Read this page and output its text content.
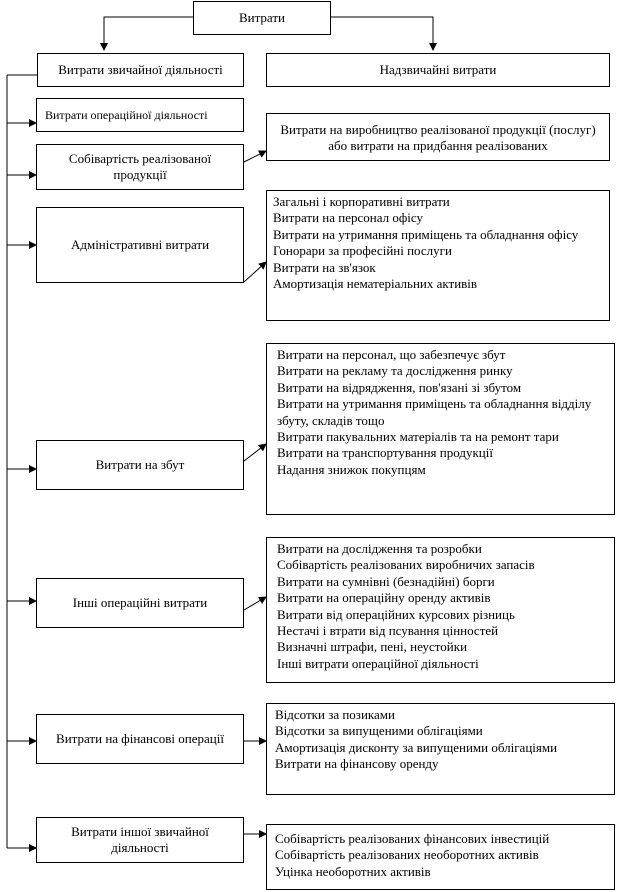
Витрати
Витрати звичайної діяльності	Надзвичайні витрати
Витрати операційної діяльності
Собівартість реалізованої продукції
Витрати на виробництво реалізованої продукції (послуг) або витрати на придбання реалізованих
Адміністративні витрати
Загальні і корпоративні витрати
Витрати на персонал офісу
Витрати на утримання приміщень та обладнання офісу
Гонорари за професійні послуги
Витрати на зв'язок
Амортизація нематеріальних активів
Витрати на збут
Витрати на персонал, що забезпечує збут
Витрати на рекламу та дослідження ринку
Витрати на відрядження, пов'язані зі збутом
Витрати на утримання приміщень та обладнання відділу збуту, складів тощо
Витрати пакувальних матеріалів та на ремонт тари
Витрати на транспортування продукції
Надання знижок покупцям
Інші операційні витрати
Витрати на дослідження та розробки
Собівартість реалізованих виробничих запасів
Витрати на сумнівні (безнадійні) борги
Витрати на операційну оренду активів
Витрати від операційних курсових різниць
Нестачі і втрати від псування цінностей
Визначні штрафи, пені, неустойки
Інші витрати операційної діяльності
Витрати на фінансові операції
Відсотки за позиками
Відсотки за випущеними облігаціями
Амортизація дисконту за випущеними облігаціями
Витрати на фінансову оренду
Витрати іншої звичайної діяльності
Собівартість реалізованих фінансових інвестицій
Собівартість реалізованих необоротних активів
Уцінка необоротних активів
